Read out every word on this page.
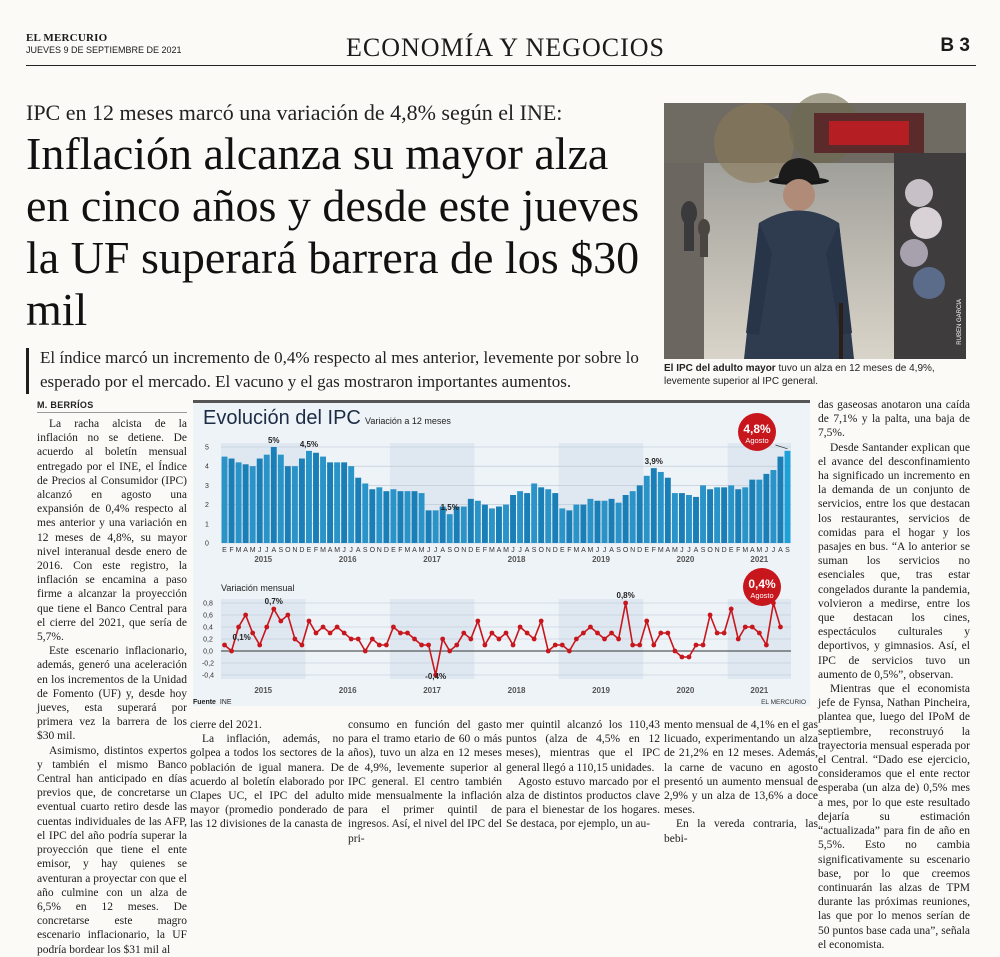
EL MERCURIO
JUEVES 9 DE SEPTIEMBRE DE 2021	ECONOMÍA Y NEGOCIOS	B 3
IPC en 12 meses marcó una variación de 4,8% según el INE:
Inflación alcanza su mayor alza en cinco años y desde este jueves la UF superará barrera de los $30 mil
El índice marcó un incremento de 0,4% respecto al mes anterior, levemente por sobre lo esperado por el mercado. El vacuno y el gas mostraron importantes aumentos.
RUBÉN GARCÍA
El IPC del adulto mayor tuvo un alza en 12 meses de 4,9%, levemente superior al IPC general.
M. BERRÍOS

La racha alcista de la inflación no se detiene. De acuerdo al boletín mensual entregado por el INE, el Índice de Precios al Consumidor (IPC) alcanzó en agosto una expansión de 0,4% respecto al mes anterior y una variación en 12 meses de 4,8%, su mayor nivel interanual desde enero de 2016. Con este registro, la inflación se encamina a paso firme a alcanzar la proyección que tiene el Banco Central para el cierre del 2021, que sería de 5,7%.

Este escenario inflacionario, además, generó una aceleración en los incrementos de la Unidad de Fomento (UF) y, desde hoy jueves, esta superará por primera vez la barrera de los $30 mil.

Asimismo, distintos expertos y también el mismo Banco Central han anticipado en días previos que, de concretarse un eventual cuarto retiro desde las cuentas individuales de las AFP, el IPC del año podría superar la proyección que tiene el ente emisor, y hay quienes se aventuran a proyectar con que el año culmine con un alza de 6,5% en 12 meses. De concretarse este magro escenario inflacionario, la UF podría bordear los $31 mil al

Evolución del IPC Variación a 12 meses
Variación mensual
0
1
2
3
4
5
5%	4,5%
1,5%
3,9%
E F M A M J J A S O N D E F M A M J J A S O N D E F M A M J J A S O N D E F M A M J J A S O N D E F M A M J J A S O N D E F M A M J J A S O N D E F M A M J J A S
2015	2016	2017	2018	2019	2020	2021
0,8
0,6
0,4
0,2
0,0
-0,2
-0,4
0,1%
0,7%
-0,4%
0,8%
2015	2016	2017	2018	2019	2020	2021
4,8%
Agosto
0,4%
Agosto
Fuente INE	EL MERCURIO

cierre del 2021.

La inflación, además, no golpea a todos los sectores de la población de igual manera. De acuerdo al boletín elaborado por Clapes UC, el IPC del adulto mayor (promedio ponderado de las 12 divisiones de la canasta de

consumo en función del gasto para el tramo etario de 60 o más años), tuvo un alza en 12 meses de 4,9%, levemente superior al IPC general. El centro también mide mensualmente la inflación para el primer quintil de ingresos. Así, el nivel del IPC del pri-

mer quintil alcanzó los 110,43 puntos (alza de 4,5% en 12 meses), mientras que el IPC general llegó a 110,15 unidades.

Agosto estuvo marcado por el alza de distintos productos clave para el bienestar de los hogares. Se destaca, por ejemplo, un au-

mento mensual de 4,1% en el gas licuado, experimentando un alza de 21,2% en 12 meses. Además, la carne de vacuno en agosto presentó un aumento mensual de 2,9% y un alza de 13,6% a doce meses.

En la vereda contraria, las bebi-

das gaseosas anotaron una caída de 7,1% y la palta, una baja de 7,5%.

Desde Santander explican que el avance del desconfinamiento ha significado un incremento en la demanda de un conjunto de servicios, entre los que destacan los restaurantes, servicios de comidas para el hogar y los pasajes en bus. “A lo anterior se suman los servicios no esenciales que, tras estar congelados durante la pandemia, volvieron a medirse, entre los que destacan los cines, espectáculos culturales y deportivos, y gimnasios. Así, el IPC de servicios tuvo un aumento de 0,5%”, observan.

Mientras que el economista jefe de Fynsa, Nathan Pincheira, plantea que, luego del IPoM de septiembre, reconstruyó la trayectoria mensual esperada por el Central. “Dado ese ejercicio, consideramos que el ente rector esperaba (un alza de) 0,5% mes a mes, por lo que este resultado dejaría su estimación “actualizada” para fin de año en 5,5%. Esto no cambia significativamente su escenario base, por lo que creemos continuarán las alzas de TPM durante las próximas reuniones, las que por lo menos serían de 50 puntos base cada una”, señala el economista.
